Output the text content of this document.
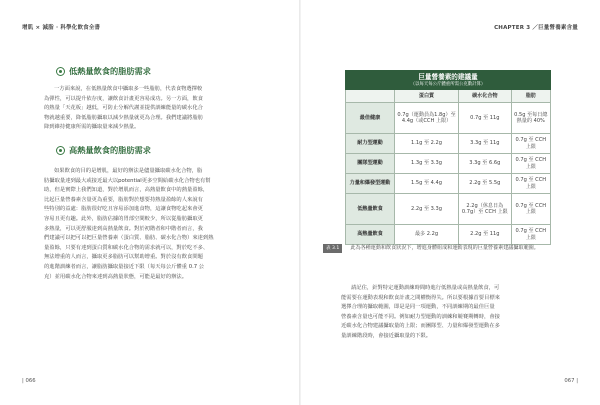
增肌 × 減脂 · 科學化飲食全書	CHAPTER 3 ／巨量營養素含量
低熱量飲食的脂肪需求

一方面來說，在低熱量飲食中攝取多一些脂肪，代表食物選擇較

為彈性，可以提升依存度，讓飲食計畫更容易成功。另一方面，飲食

的熱量「天花板」越低，可防止分解代謝並提供訓練能量的碳水化合

物就越重要，降低脂肪攝取以減少熱量就更為合理。我們建議將脂肪

降到維持健康所需的攝取量來減少熱量。

高熱量飲食的脂肪需求

如果飲食的目的是增肌，最好的辦法是儘量攝取碳水化合物，脂

肪攝取量達到最大或接近最大以potential更多空間給碳水化合物也有幫

助，但是實際上我們知道，對於增肌而言，高熱量飲食中的熱量盈餘，

比起巨量營養素含量更為重要，脂肪對於想要持熱量盈餘的人來說有

些特別的益處：脂肪很好吃且容易添加進食物，這讓食物吃起來會更

容易且更有趣。此外，脂肪佔據的胃部空間較少，所以從脂肪攝取更

多熱量，可以更舒服達到高熱量飲食。對於初階者和中階者而言，我

們建議可以把可以把巨量營養素（蛋白質、脂肪、碳水化合物）來達到熱

量盈餘，只要有達到蛋白質和碳水化合物的需求就可以，對於吃不多、

無法增重的人而言，攝取更多脂肪可以幫助增重。對於沒有飲食問題

的進階訓練者而言，讓脂肪攝取量接近下限（每天每公斤體重 0.7 公

克）並用碳水化合物來達到高熱量狀態，可能是最好的辦法。

巨量營養素的建議量
（以每天每公斤體重所需公克數計算）			

	蛋白質	碳水化合物	脂肪
最佳健康	0.7g（運動員為1.8g）至 4.4g（或CCH 上限）	0.7g 至 11g	0.5g 至每日總熱量的 40%
耐力型運動	1.1g 至 2.2g	3.3g 至 11g	0.7g 至 CCH 上限
團隊型運動	1.3g 至 3.3g	3.3g 至 6.6g	0.7g 至 CCH 上限
力量和爆發型運動	1.5g 至 4.4g	2.2g 至 5.5g	0.7g 至 CCH 上限
低熱量飲食	2.2g 至 3.3g	2.2g（休息日為 0.7g）至 CCH 上限	0.7g 至 CCH 上限
高熱量飲食	最多 2.2g	2.2g 至 11g	0.7g 至 CCH 上限
表 3.1	此為各種運動和飲食狀況下，增進身體組成和運動表現的巨量營養素建議攝取範圍。

請記住，針對特定運動訓練時間時進行低熱量或高熱量飲食，可

能需要在運動表現和飲食計畫之間權衡得失。所以要根據首要目標來

選擇合理的攝取範圍，即是是同一項運動，不同訓練期的最佳巨量

營養素含量也可能不同。例如耐力型運動的訓練和競賽期轉時，會接

近碳水化合物建議攝取量的上限；而團隊型、力量和爆發型運動在多

量訓練階段時，會接近攝取量的下限。

| 066	067 |
